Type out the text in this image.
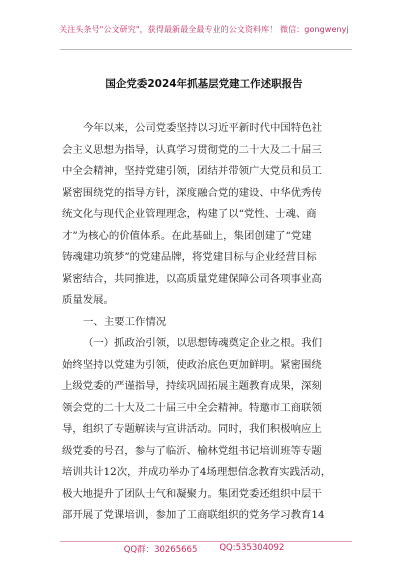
关注头条号"公文研究"，获得最新最全最专业的公文资料库！ 微信：gongwenyj
国企党委2024年抓基层党建工作述职报告
今年以来，公司党委坚持以习近平新时代中国特色社
会主义思想为指导，认真学习贯彻党的二十大及二十届三
中全会精神，坚持党建引领，团结并带领广大党员和员工
紧密围绕党的指导方针，深度融合党的建设、中华优秀传
统文化与现代企业管理理念，构建了以“党性、士魂、商
才”为核心的价值体系。在此基础上，集团创建了“党建
铸魂建功筑梦”的党建品牌，将党建目标与企业经营目标
紧密结合，共同推进，以高质量党建保障公司各项事业高
质量发展。
一、主要工作情况
（一）抓政治引领，以思想铸魂奠定企业之根。我们
始终坚持以党建为引领，使政治底色更加鲜明。紧密围绕
上级党委的严谨指导，持续巩固拓展主题教育成果，深刻
领会党的二十大及二十届三中全会精神。特邀市工商联领
导，组织了专题解读与宣讲活动。同时，我们积极响应上
级党委的号召，参与了临沂、榆林党组书记培训班等专题
培训共计12次，并成功举办了4场理想信念教育实践活动，
极大地提升了团队士气和凝聚力。集团党委还组织中层干
部开展了党课培训，参加了工商联组织的党务学习教育14
QQ群：30265665	QQ:535304092
